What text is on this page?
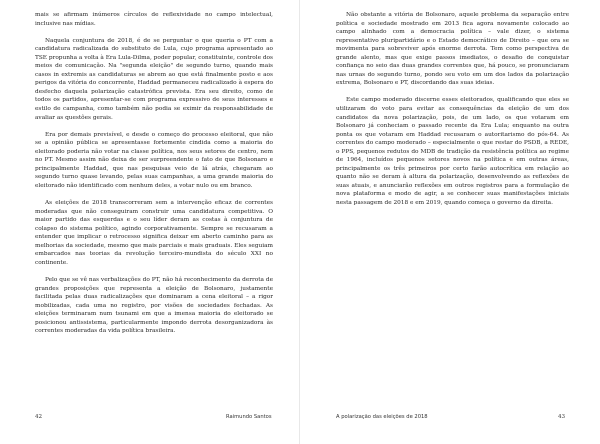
mais se afirmam inúmeros círculos de reflexividade no campo intelectual, inclusive nas mídias.

Naquela conjuntura de 2018, é de se perguntar o que queria o PT com a candidatura radicalizada do substituto de Lula, cujo programa apresentado ao TSE propunha a volta à Era Lula-Dilma, poder popular, constituinte, controle dos meios de comunicação. Na "segunda eleição" de segundo turno, quando mais casos in extremis as candidaturas se abrem ao que está finalmente posto e aos perigos da vitória do concorrente, Haddad permaneceu radicalizado à espera do desfecho daquela polarização catastrófica prevista. Era seu direito, como de todos os partidos, apresentar-se com programa expressivo de seus interesses e estilo de campanha, como também não podia se eximir da responsabilidade de avaliar as questões gerais.

Era por demais previsível, e desde o começo do processo eleitoral, que não se a opinião pública se apresentasse fortemente cindida como a maioria do eleitorado poderia não votar na classe política, nos seus setores de centro, nem no PT. Mesmo assim não deixa de ser surpreendente o fato de que Bolsonaro e principalmente Haddad, que nas pesquisas veio de lá atrás, chegaram ao segundo turno quase levando, pelas suas campanhas, a uma grande maioria do eleitorado não identificado com nenhum deles, a votar nulo ou em branco.

As eleições de 2018 transcorreram sem a intervenção eficaz de correntes moderadas que não conseguiram construir uma candidatura competitiva. O maior partido das esquerdas e o seu líder deram as costas à conjuntura de colapso do sistema político, agindo corporativamente. Sempre se recusaram a entender que implicar o retrocesso significa deixar em aberto caminho para as melhorias da sociedade, mesmo que mais parciais e mais graduais. Eles seguiam embarcados nas teorias da revolução terceiro-mundista do século XXI no continente.

Pelo que se vê nas verbalizações do PT, não há reconhecimento da derrota de grandes proposições que representa a eleição de Bolsonaro, justamente facilitada pelas duas radicalizações que dominaram a cena eleitoral – a rigor mobilizadas, cada uma no registro, por visões de sociedades fechadas. As eleições terminaram num tsunami em que a imensa maioria do eleitorado se posicionou antissistema, particularmente impondo derrota desorganizadora às correntes moderadas da vida política brasileira.

42	Raimundo Santos

Não obstante a vitória de Bolsonaro, aquele problema da separação entre política e sociedade mostrado em 2013 fica agora novamente colocado ao campo alinhado com a democracia política – vale dizer, o sistema representativo pluripartidário e o Estado democrático de Direito – que ora se movimenta para sobreviver após enorme derrota. Tem como perspectiva de grande alento, mas que exige passos imediatos, o desafio de conquistar confiança no seio das duas grandes correntes que, há pouco, se pronunciaram nas urnas do segundo turno, pondo seu voto em um dos lados da polarização extrema, Bolsonaro e PT, discordando das suas ideias.

Este campo moderado discerne esses eleitorados, qualificando que eles se utilizaram do voto para evitar as consequências da eleição de um dos candidatos da nova polarização, pois, de um lado, os que votaram em Bolsonaro já conheciam o passado recente da Era Lula; enquanto na outra ponta os que votaram em Haddad recusaram o autoritarismo do pós-64. As correntes do campo moderado – especialmente o que restar do PSDB, a REDE, o PPS, pequenos redutos do MDB de tradição da resistência política ao regime de 1964, incluídos pequenos setores novos na política e em outras áreas, principalmente os três primeiros por certo farão autocrítica em relação ao quanto não se deram à altura da polarização, desenvolvendo as reflexões de suas atuais, e anunciarão reflexões em outros registros para a formulação de nova plataforma e modo de agir, a se conhecer suas manifestações iniciais nesta passagem de 2018 e em 2019, quando começa o governo da direita.

A polarização das eleições de 2018	43
